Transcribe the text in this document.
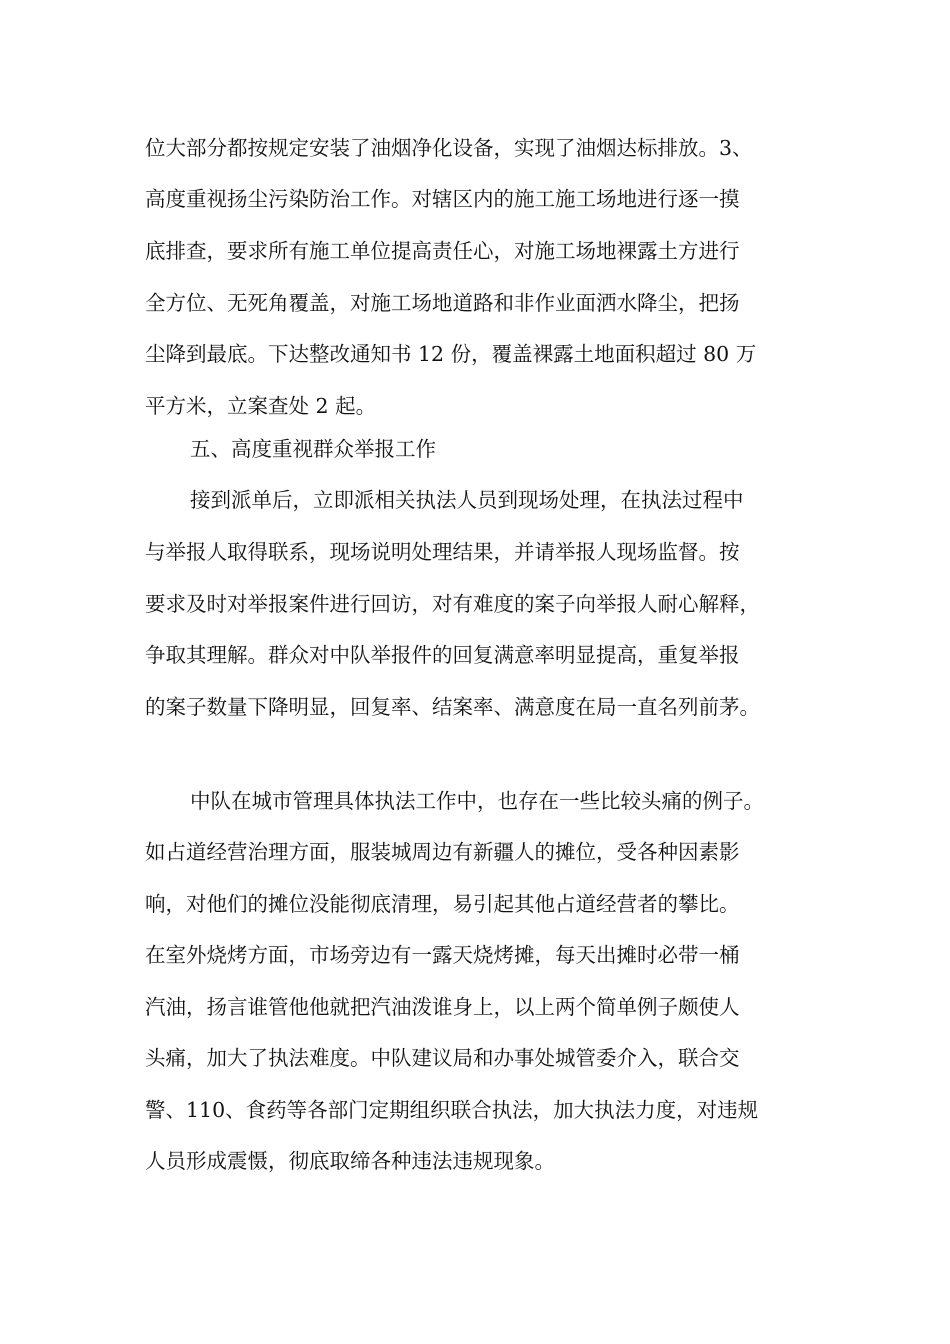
位大部分都按规定安装了油烟净化设备，实现了油烟达标排放。3、
高度重视扬尘污染防治工作。对辖区内的施工施工场地进行逐一摸
底排查，要求所有施工单位提高责任心，对施工场地裸露土方进行
全方位、无死角覆盖，对施工场地道路和非作业面洒水降尘，把扬
尘降到最底。下达整改通知书 12 份，覆盖裸露土地面积超过 80 万
平方米，立案查处 2 起。
五、高度重视群众举报工作
接到派单后，立即派相关执法人员到现场处理，在执法过程中
与举报人取得联系，现场说明处理结果，并请举报人现场监督。按
要求及时对举报案件进行回访，对有难度的案子向举报人耐心解释，
争取其理解。群众对中队举报件的回复满意率明显提高，重复举报
的案子数量下降明显，回复率、结案率、满意度在局一直名列前茅。
中队在城市管理具体执法工作中，也存在一些比较头痛的例子。
如占道经营治理方面，服装城周边有新疆人的摊位，受各种因素影
响，对他们的摊位没能彻底清理，易引起其他占道经营者的攀比。
在室外烧烤方面，市场旁边有一露天烧烤摊，每天出摊时必带一桶
汽油，扬言谁管他他就把汽油泼谁身上，以上两个简单例子颇使人
头痛，加大了执法难度。中队建议局和办事处城管委介入，联合交
警、110、食药等各部门定期组织联合执法，加大执法力度，对违规
人员形成震慑，彻底取缔各种违法违规现象。
